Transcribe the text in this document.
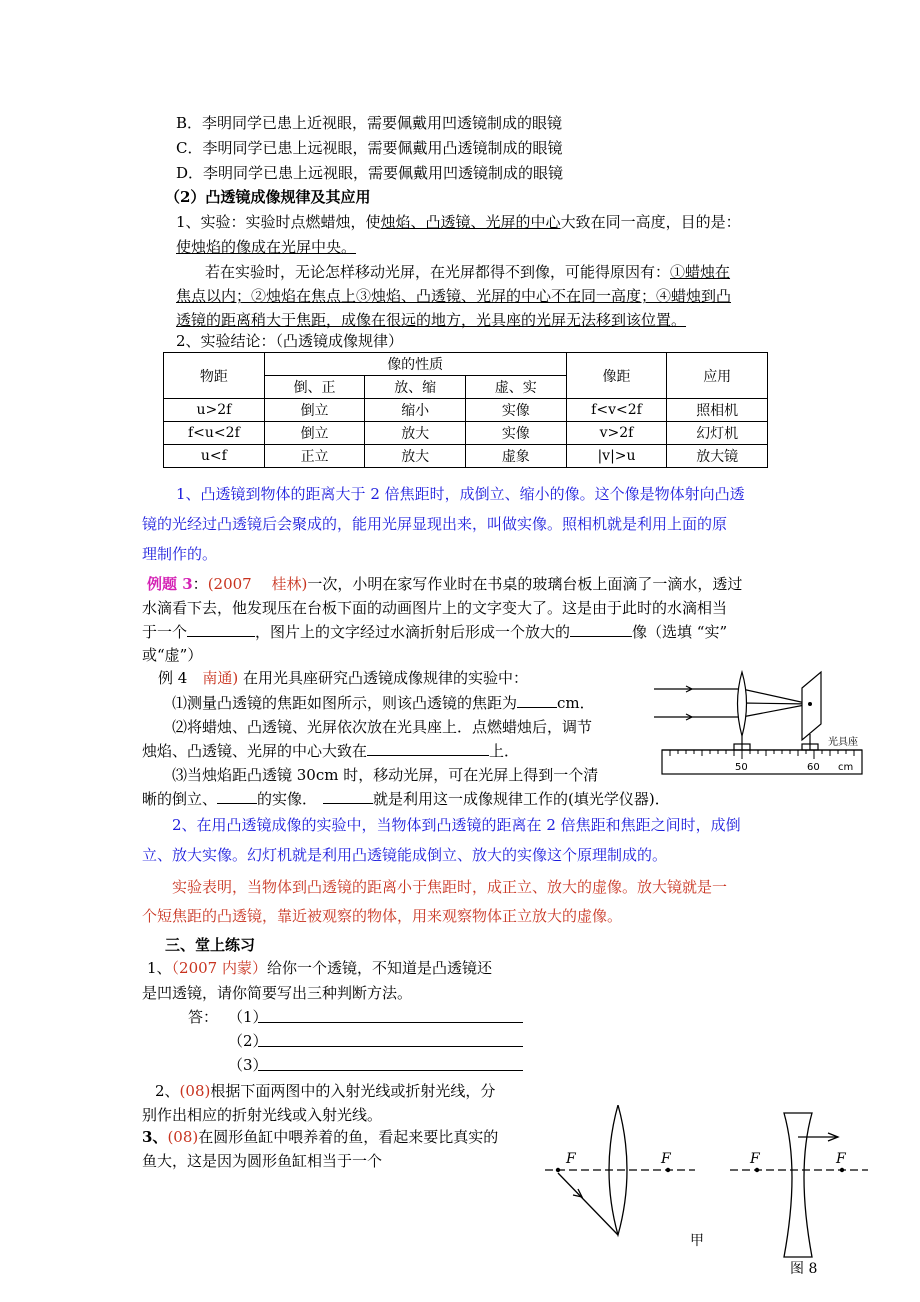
B．李明同学已患上近视眼，需要佩戴用凹透镜制成的眼镜
C．李明同学已患上远视眼，需要佩戴用凸透镜制成的眼镜
D．李明同学已患上远视眼，需要佩戴用凹透镜制成的眼镜
（2）凸透镜成像规律及其应用
1、实验：实验时点燃蜡烛，使烛焰、凸透镜、光屏的中心大致在同一高度，目的是：
使烛焰的像成在光屏中央。
若在实验时，无论怎样移动光屏，在光屏都得不到像，可能得原因有：①蜡烛在
焦点以内；②烛焰在焦点上③烛焰、凸透镜、光屏的中心不在同一高度；④蜡烛到凸
透镜的距离稍大于焦距，成像在很远的地方，光具座的光屏无法移到该位置。
2、实验结论：（凸透镜成像规律）
物距	像的性质			像距	应用
	倒、正	放、缩	虚、实		
u>2f	倒立	缩小	实像	f<v<2f	照相机
f<u<2f	倒立	放大	实像	v>2f	幻灯机
u<f	正立	放大	虚象	|v|>u	放大镜
1、凸透镜到物体的距离大于 2 倍焦距时，成倒立、缩小的像。这个像是物体射向凸透
镜的光经过凸透镜后会聚成的，能用光屏显现出来，叫做实像。照相机就是利用上面的原
理制作的。
例题 3：(2007　 桂林)一次，小明在家写作业时在书桌的玻璃台板上面滴了一滴水，透过
水滴看下去，他发现压在台板下面的动画图片上的文字变大了。这是由于此时的水滴相当
于一个	，图片上的文字经过水滴折射后形成一个放大的	像（选填 “实”
或“虚”）
例 4　南通) 在用光具座研究凸透镜成像规律的实验中：
⑴测量凸透镜的焦距如图所示，则该凸透镜的焦距为	cm．
⑵将蜡烛、凸透镜、光屏依次放在光具座上．点燃蜡烛后，调节
烛焰、凸透镜、光屏的中心大致在	上．
⑶当烛焰距凸透镜 30cm 时，移动光屏，可在光屏上得到一个清
晰的倒立、	的实像．	就是利用这一成像规律工作的(填光学仪器)．
光具座
50	60 cm
2、在用凸透镜成像的实验中，当物体到凸透镜的距离在 2 倍焦距和焦距之间时，成倒
立、放大实像。幻灯机就是利用凸透镜能成倒立、放大的实像这个原理制成的。
实验表明，当物体到凸透镜的距离小于焦距时，成正立、放大的虚像。放大镜就是一
个短焦距的凸透镜，靠近被观察的物体，用来观察物体正立放大的虚像。
三、堂上练习
1、（2007 内蒙）给你一个透镜，不知道是凸透镜还
是凹透镜，请你简要写出三种判断方法。
答： （1）
（2）
（3）
2、(08)根据下面两图中的入射光线或折射光线，分
别作出相应的折射光线或入射光线。
3、(08)在圆形鱼缸中喂养着的鱼，看起来要比真实的
鱼大，这是因为圆形鱼缸相当于一个	F	F	F	F
甲
图 8
